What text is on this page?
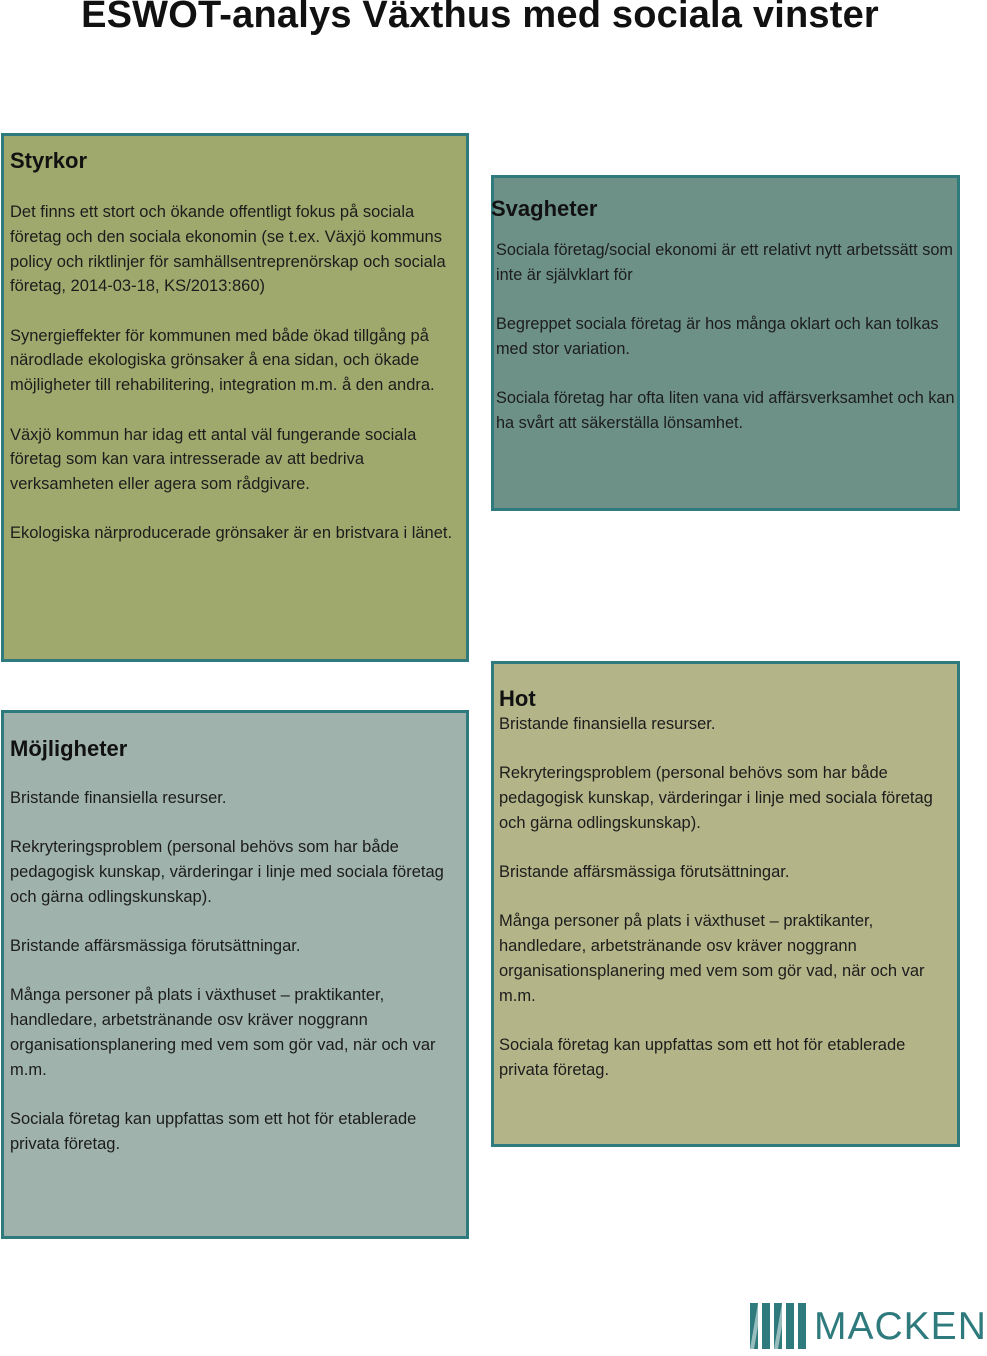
ESWOT-analys Växthus med sociala vinster
Styrkor

Det finns ett stort och ökande offentligt fokus på sociala företag och den sociala ekonomin (se t.ex. Växjö kommuns policy och riktlinjer för samhällsentreprenörskap och sociala företag, 2014-03-18, KS/2013:860)

Synergieffekter för kommunen med både ökad tillgång på närodlade ekologiska grönsaker å ena sidan, och ökade möjligheter till rehabilitering, integration m.m. å den andra.

Växjö kommun har idag ett antal väl fungerande sociala företag som kan vara intresserade av att bedriva verksamheten eller agera som rådgivare.

Ekologiska närproducerade grönsaker är en bristvara i länet.

Svagheter

Sociala företag/social ekonomi är ett relativt nytt arbetssätt som inte är självklart för

Begreppet sociala företag är hos många oklart och kan tolkas med stor variation.

Sociala företag har ofta liten vana vid affärsverksamhet och kan ha svårt att säkerställa lönsamhet.

Hot

Bristande finansiella resurser.

Rekryteringsproblem (personal behövs som har både pedagogisk kunskap, värderingar i linje med sociala företag och gärna odlingskunskap).

Bristande affärsmässiga förutsättningar.

Många personer på plats i växthuset – praktikanter, handledare, arbetstränande osv kräver noggrann organisationsplanering med vem som gör vad, när och var m.m.

Sociala företag kan uppfattas som ett hot för etablerade privata företag.

Möjligheter

Bristande finansiella resurser.

Rekryteringsproblem (personal behövs som har både pedagogisk kunskap, värderingar i linje med sociala företag och gärna odlingskunskap).

Bristande affärsmässiga förutsättningar.

Många personer på plats i växthuset – praktikanter, handledare, arbetstränande osv kräver noggrann organisationsplanering med vem som gör vad, när och var m.m.

Sociala företag kan uppfattas som ett hot för etablerade privata företag.

MACKEN
